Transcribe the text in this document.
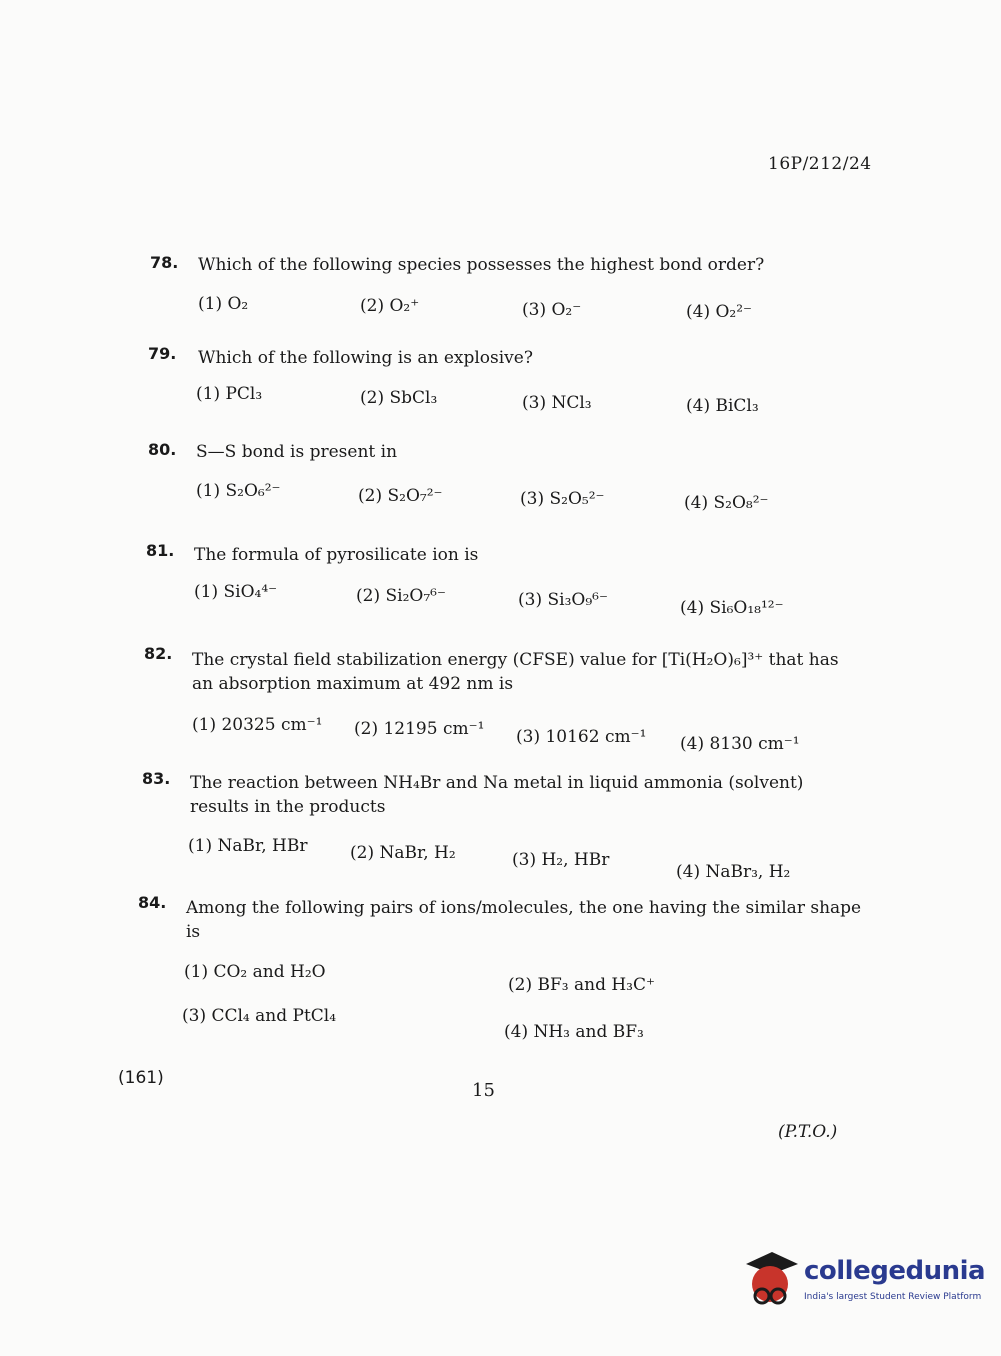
16P/212/24
78. Which of the following species possesses the highest bond order?
(1) O₂	(2) O₂⁺	(3) O₂⁻	(4) O₂²⁻
79. Which of the following is an explosive?
(1) PCl₃	(2) SbCl₃	(3) NCl₃	(4) BiCl₃
80. S—S bond is present in
(1) S₂O₆²⁻	(2) S₂O₇²⁻	(3) S₂O₅²⁻	(4) S₂O₈²⁻
81. The formula of pyrosilicate ion is
(1) SiO₄⁴⁻	(2) Si₂O₇⁶⁻	(3) Si₃O₉⁶⁻	(4) Si₆O₁₈¹²⁻
82. The crystal field stabilization energy (CFSE) value for [Ti(H₂O)₆]³⁺ that has an absorption maximum at 492 nm is
(1) 20325 cm⁻¹ (2) 12195 cm⁻¹ (3) 10162 cm⁻¹ (4) 8130 cm⁻¹
83. The reaction between NH₄Br and Na metal in liquid ammonia (solvent) results in the products
(1) NaBr, HBr	(2) NaBr, H₂	(3) H₂, HBr
(4) NaBr₃, H₂
84. Among the following pairs of ions/molecules, the one having the similar shape is
(1) CO₂ and H₂O
(2) BF₃ and H₃C⁺
(3) CCl₄ and PtCl₄
(4) NH₃ and BF₃
(161)
15
(P.T.O.)
collegedunia
India's largest Student Review Platform
